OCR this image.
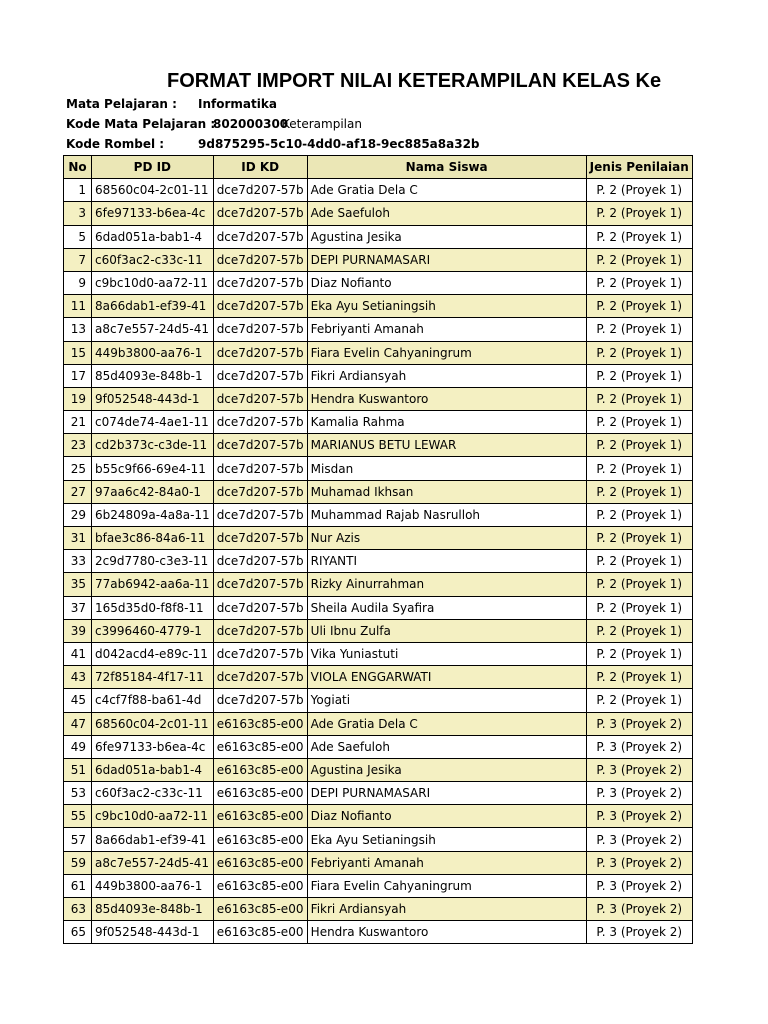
FORMAT IMPORT NILAI KETERAMPILAN KELAS Ke
Mata Pelajaran : Informatika
Kode Mata Pelajaran :
802000300
Keterampilan
Kode Rombel :	9d875295-5c10-4dd0-af18-9ec885a8a32b
No	PD ID	ID KD	Nama Siswa	Jenis Penilaian
1	68560c04-2c01-11	dce7d207-57b	Ade Gratia Dela C	P. 2 (Proyek 1)
3	6fe97133-b6ea-4c	dce7d207-57b	Ade Saefuloh	P. 2 (Proyek 1)
5	6dad051a-bab1-4	dce7d207-57b	Agustina Jesika	P. 2 (Proyek 1)
7	c60f3ac2-c33c-11	dce7d207-57b	DEPI PURNAMASARI	P. 2 (Proyek 1)
9	c9bc10d0-aa72-11	dce7d207-57b	Diaz Nofianto	P. 2 (Proyek 1)
11	8a66dab1-ef39-41	dce7d207-57b	Eka Ayu Setianingsih	P. 2 (Proyek 1)
13	a8c7e557-24d5-41	dce7d207-57b	Febriyanti Amanah	P. 2 (Proyek 1)
15	449b3800-aa76-1	dce7d207-57b	Fiara Evelin Cahyaningrum	P. 2 (Proyek 1)
17	85d4093e-848b-1	dce7d207-57b	Fikri Ardiansyah	P. 2 (Proyek 1)
19	9f052548-443d-1	dce7d207-57b	Hendra Kuswantoro	P. 2 (Proyek 1)
21	c074de74-4ae1-11	dce7d207-57b	Kamalia Rahma	P. 2 (Proyek 1)
23	cd2b373c-c3de-11	dce7d207-57b	MARIANUS BETU LEWAR	P. 2 (Proyek 1)
25	b55c9f66-69e4-11	dce7d207-57b	Misdan	P. 2 (Proyek 1)
27	97aa6c42-84a0-1	dce7d207-57b	Muhamad Ikhsan	P. 2 (Proyek 1)
29	6b24809a-4a8a-11	dce7d207-57b	Muhammad Rajab Nasrulloh	P. 2 (Proyek 1)
31	bfae3c86-84a6-11	dce7d207-57b	Nur Azis	P. 2 (Proyek 1)
33	2c9d7780-c3e3-11	dce7d207-57b	RIYANTI	P. 2 (Proyek 1)
35	77ab6942-aa6a-11	dce7d207-57b	Rizky Ainurrahman	P. 2 (Proyek 1)
37	165d35d0-f8f8-11	dce7d207-57b	Sheila Audila Syafira	P. 2 (Proyek 1)
39	c3996460-4779-1	dce7d207-57b	Uli Ibnu Zulfa	P. 2 (Proyek 1)
41	d042acd4-e89c-11	dce7d207-57b	Vika Yuniastuti	P. 2 (Proyek 1)
43	72f85184-4f17-11	dce7d207-57b	VIOLA ENGGARWATI	P. 2 (Proyek 1)
45	c4cf7f88-ba61-4d	dce7d207-57b	Yogiati	P. 2 (Proyek 1)
47	68560c04-2c01-11	e6163c85-e00	Ade Gratia Dela C	P. 3 (Proyek 2)
49	6fe97133-b6ea-4c	e6163c85-e00	Ade Saefuloh	P. 3 (Proyek 2)
51	6dad051a-bab1-4	e6163c85-e00	Agustina Jesika	P. 3 (Proyek 2)
53	c60f3ac2-c33c-11	e6163c85-e00	DEPI PURNAMASARI	P. 3 (Proyek 2)
55	c9bc10d0-aa72-11	e6163c85-e00	Diaz Nofianto	P. 3 (Proyek 2)
57	8a66dab1-ef39-41	e6163c85-e00	Eka Ayu Setianingsih	P. 3 (Proyek 2)
59	a8c7e557-24d5-41	e6163c85-e00	Febriyanti Amanah	P. 3 (Proyek 2)
61	449b3800-aa76-1	e6163c85-e00	Fiara Evelin Cahyaningrum	P. 3 (Proyek 2)
63	85d4093e-848b-1	e6163c85-e00	Fikri Ardiansyah	P. 3 (Proyek 2)
65	9f052548-443d-1	e6163c85-e00	Hendra Kuswantoro	P. 3 (Proyek 2)
